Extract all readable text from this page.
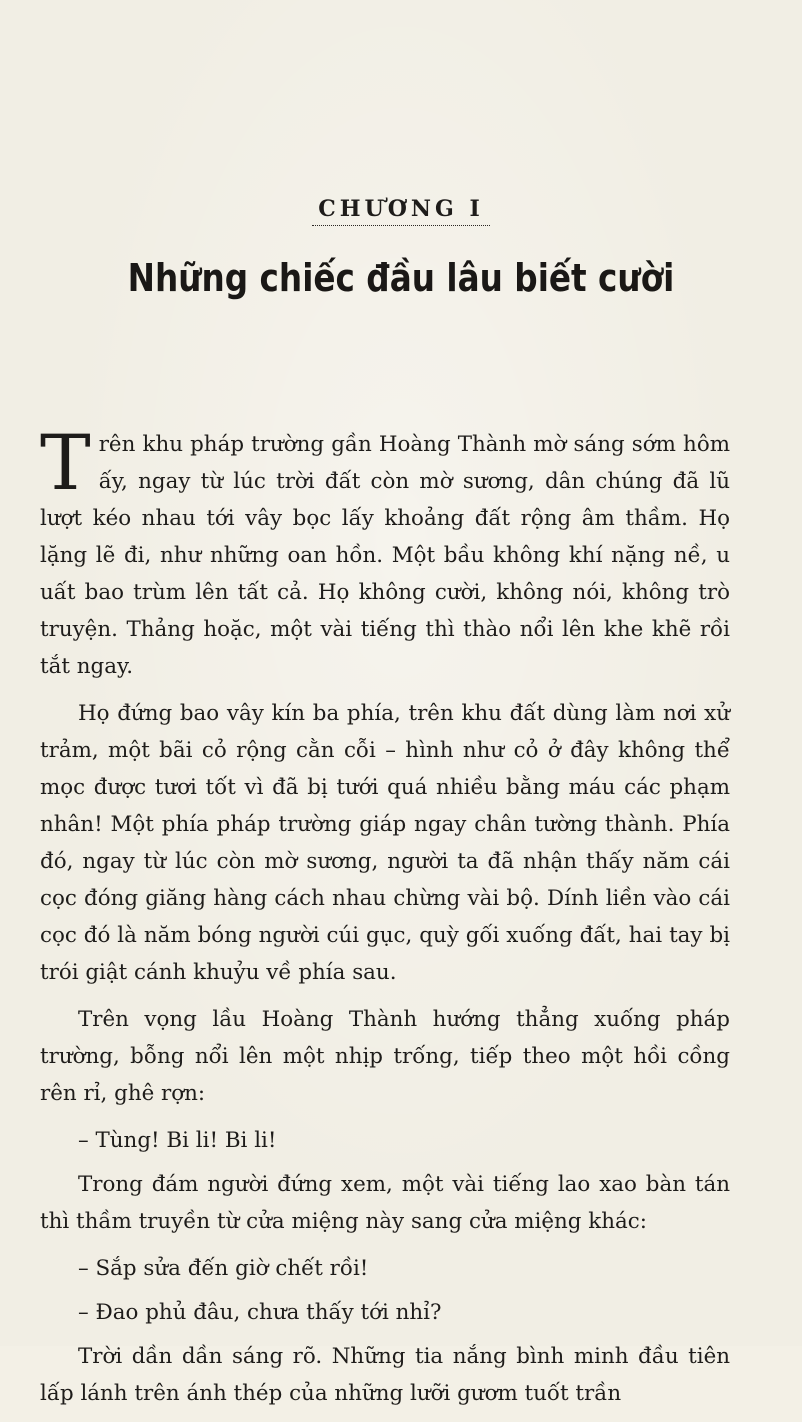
CHƯƠNG I
Những chiếc đầu lâu biết cười

Trên khu pháp trường gần Hoàng Thành mờ sáng sớm hôm ấy, ngay từ lúc trời đất còn mờ sương, dân chúng đã lũ lượt kéo nhau tới vây bọc lấy khoảng đất rộng âm thầm. Họ lặng lẽ đi, như những oan hồn. Một bầu không khí nặng nề, u uất bao trùm lên tất cả. Họ không cười, không nói, không trò truyện. Thảng hoặc, một vài tiếng thì thào nổi lên khe khẽ rồi tắt ngay.

Họ đứng bao vây kín ba phía, trên khu đất dùng làm nơi xử trảm, một bãi cỏ rộng cằn cỗi – hình như cỏ ở đây không thể mọc được tươi tốt vì đã bị tưới quá nhiều bằng máu các phạm nhân! Một phía pháp trường giáp ngay chân tường thành. Phía đó, ngay từ lúc còn mờ sương, người ta đã nhận thấy năm cái cọc đóng giăng hàng cách nhau chừng vài bộ. Dính liền vào cái cọc đó là năm bóng người cúi gục, quỳ gối xuống đất, hai tay bị trói giật cánh khuỷu về phía sau.

Trên vọng lầu Hoàng Thành hướng thẳng xuống pháp trường, bỗng nổi lên một nhịp trống, tiếp theo một hồi cồng rên rỉ, ghê rợn:

– Tùng! Bi li! Bi li!

Trong đám người đứng xem, một vài tiếng lao xao bàn tán thì thầm truyền từ cửa miệng này sang cửa miệng khác:

– Sắp sửa đến giờ chết rồi!

– Đao phủ đâu, chưa thấy tới nhỉ?

Trời dần dần sáng rõ. Những tia nắng bình minh đầu tiên lấp lánh trên ánh thép của những lưỡi gươm tuốt trần
